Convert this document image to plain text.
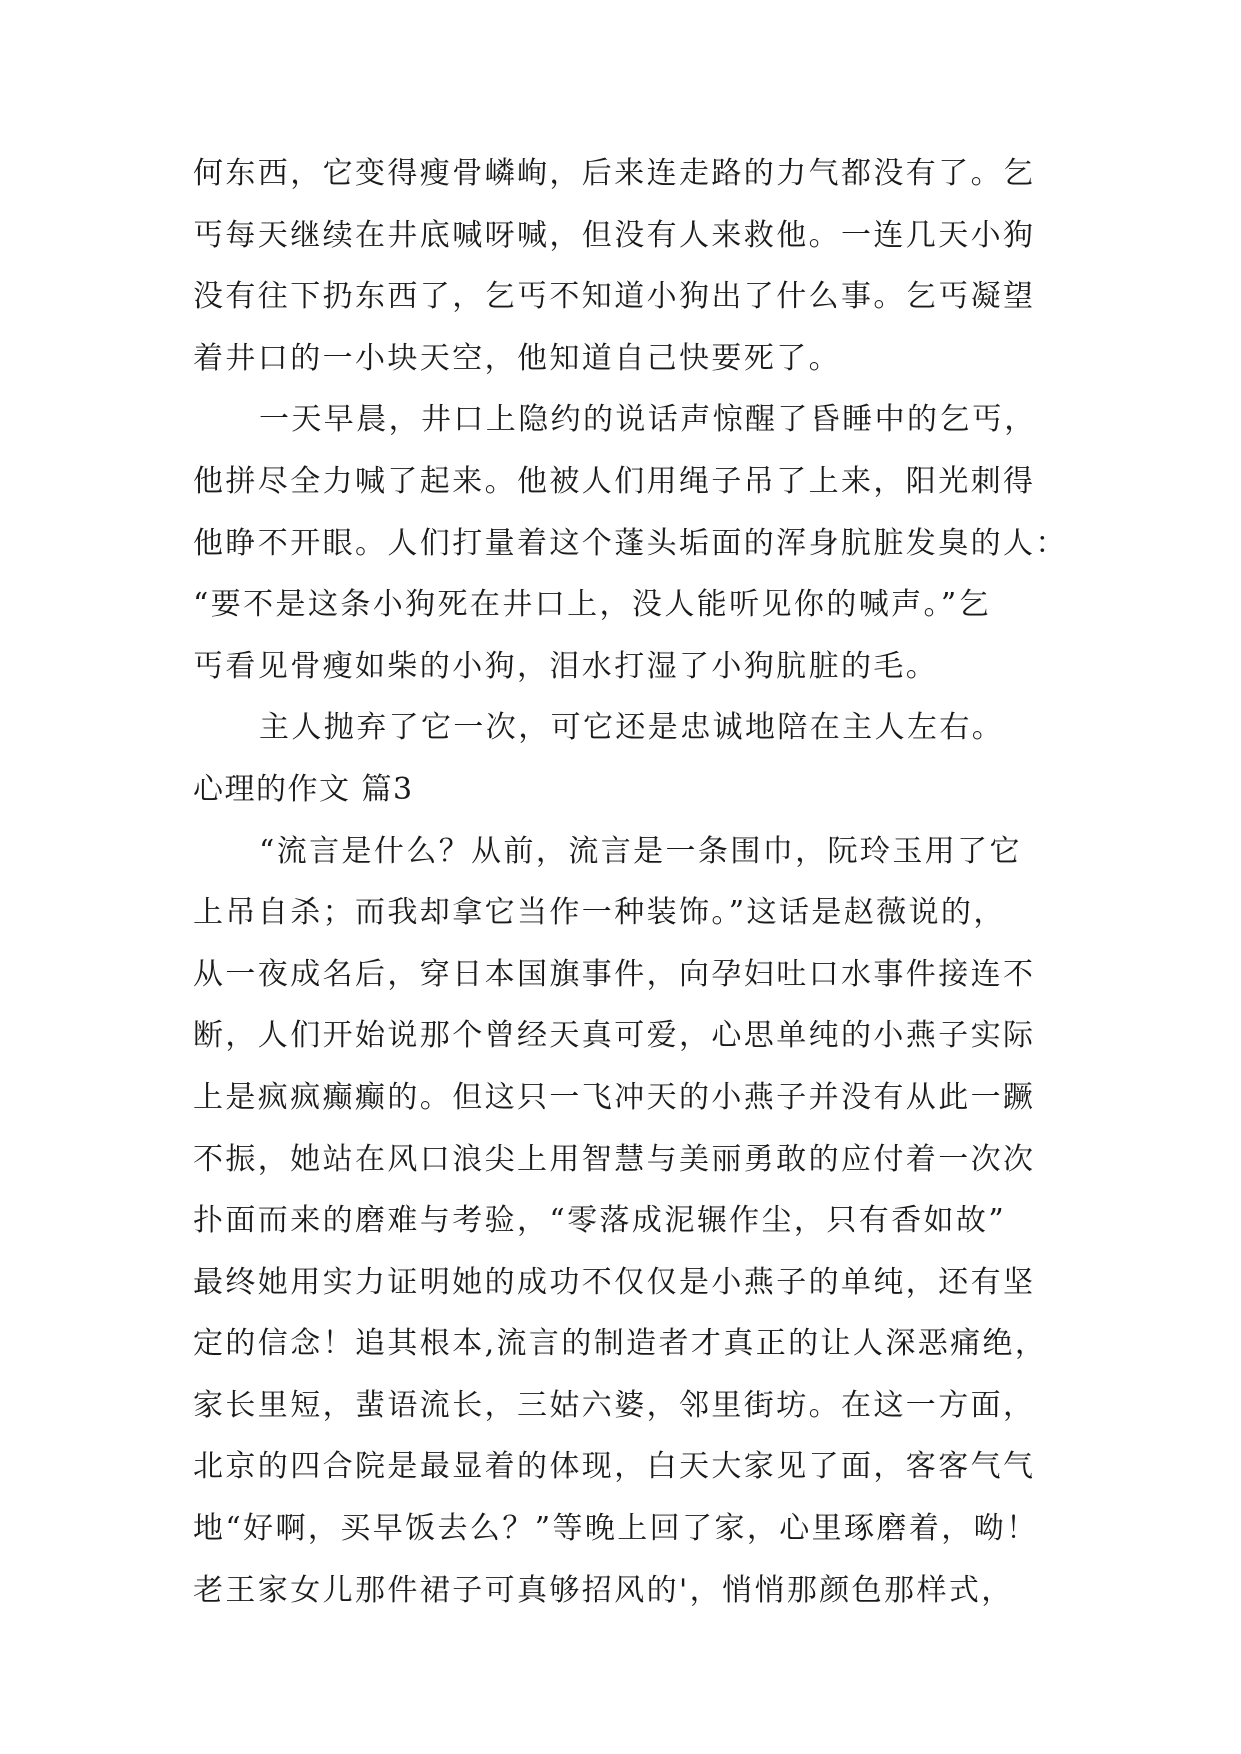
何东西，它变得瘦骨嶙峋，后来连走路的力气都没有了。乞
丐每天继续在井底喊呀喊，但没有人来救他。一连几天小狗
没有往下扔东西了，乞丐不知道小狗出了什么事。乞丐凝望
着井口的一小块天空，他知道自己快要死了。
一天早晨，井口上隐约的说话声惊醒了昏睡中的乞丐，
他拼尽全力喊了起来。他被人们用绳子吊了上来，阳光刺得
他睁不开眼。人们打量着这个蓬头垢面的浑身肮脏发臭的人：
“要不是这条小狗死在井口上，没人能听见你的喊声。”乞
丐看见骨瘦如柴的小狗，泪水打湿了小狗肮脏的毛。
主人抛弃了它一次，可它还是忠诚地陪在主人左右。
心理的作文 篇3
“流言是什么？从前，流言是一条围巾，阮玲玉用了它
上吊自杀；而我却拿它当作一种装饰。”这话是赵薇说的，
从一夜成名后，穿日本国旗事件，向孕妇吐口水事件接连不
断，人们开始说那个曾经天真可爱，心思单纯的小燕子实际
上是疯疯癫癫的。但这只一飞冲天的小燕子并没有从此一蹶
不振，她站在风口浪尖上用智慧与美丽勇敢的应付着一次次
扑面而来的磨难与考验，“零落成泥辗作尘，只有香如故”
最终她用实力证明她的成功不仅仅是小燕子的单纯，还有坚
定的信念！追其根本,流言的制造者才真正的让人深恶痛绝，
家长里短，蜚语流长，三姑六婆，邻里街坊。在这一方面，
北京的四合院是最显着的体现，白天大家见了面，客客气气
地“好啊，买早饭去么？”等晚上回了家，心里琢磨着，呦！
老王家女儿那件裙子可真够招风的'，悄悄那颜色那样式，
